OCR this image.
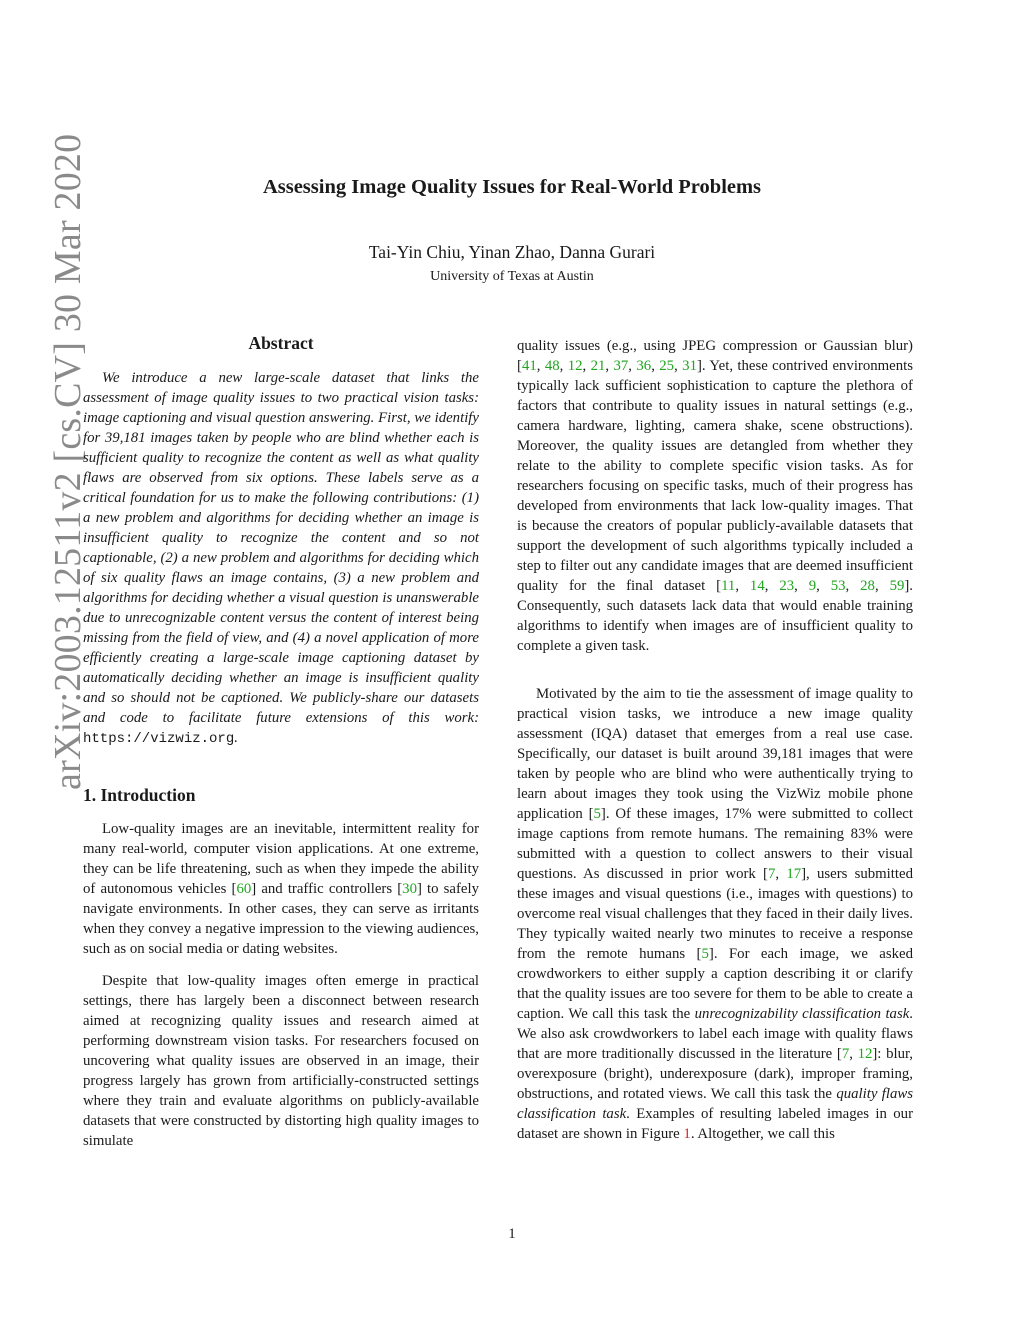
arXiv:2003.12511v2 [cs.CV] 30 Mar 2020	Assessing Image Quality Issues for Real-World Problems
Tai-Yin Chiu, Yinan Zhao, Danna Gurari
University of Texas at Austin
Abstract

We introduce a new large-scale dataset that links the assessment of image quality issues to two practical vision tasks: image captioning and visual question answering. First, we identify for 39,181 images taken by people who are blind whether each is sufficient quality to recognize the content as well as what quality flaws are observed from six options. These labels serve as a critical foundation for us to make the following contributions: (1) a new problem and algorithms for deciding whether an image is insufficient quality to recognize the content and so not captionable, (2) a new problem and algorithms for deciding which of six quality flaws an image contains, (3) a new problem and algorithms for deciding whether a visual question is unanswerable due to unrecognizable content versus the content of interest being missing from the field of view, and (4) a novel application of more efficiently creating a large-scale image captioning dataset by automatically deciding whether an image is insufficient quality and so should not be captioned. We publicly-share our datasets and code to facilitate future extensions of this work: https://vizwiz.org.

1. Introduction

Low-quality images are an inevitable, intermittent reality for many real-world, computer vision applications. At one extreme, they can be life threatening, such as when they impede the ability of autonomous vehicles [60] and traffic controllers [30] to safely navigate environments. In other cases, they can serve as irritants when they convey a negative impression to the viewing audiences, such as on social media or dating websites.

Despite that low-quality images often emerge in practical settings, there has largely been a disconnect between research aimed at recognizing quality issues and research aimed at performing downstream vision tasks. For researchers focused on uncovering what quality issues are observed in an image, their progress largely has grown from artificially-constructed settings where they train and evaluate algorithms on publicly-available datasets that were constructed by distorting high quality images to simulate

quality issues (e.g., using JPEG compression or Gaussian blur) [41, 48, 12, 21, 37, 36, 25, 31]. Yet, these contrived environments typically lack sufficient sophistication to capture the plethora of factors that contribute to quality issues in natural settings (e.g., camera hardware, lighting, camera shake, scene obstructions). Moreover, the quality issues are detangled from whether they relate to the ability to complete specific vision tasks. As for researchers focusing on specific tasks, much of their progress has developed from environments that lack low-quality images. That is because the creators of popular publicly-available datasets that support the development of such algorithms typically included a step to filter out any candidate images that are deemed insufficient quality for the final dataset [11, 14, 23, 9, 53, 28, 59]. Consequently, such datasets lack data that would enable training algorithms to identify when images are of insufficient quality to complete a given task.

Motivated by the aim to tie the assessment of image quality to practical vision tasks, we introduce a new image quality assessment (IQA) dataset that emerges from a real use case. Specifically, our dataset is built around 39,181 images that were taken by people who are blind who were authentically trying to learn about images they took using the VizWiz mobile phone application [5]. Of these images, 17% were submitted to collect image captions from remote humans. The remaining 83% were submitted with a question to collect answers to their visual questions. As discussed in prior work [7, 17], users submitted these images and visual questions (i.e., images with questions) to overcome real visual challenges that they faced in their daily lives. They typically waited nearly two minutes to receive a response from the remote humans [5]. For each image, we asked crowdworkers to either supply a caption describing it or clarify that the quality issues are too severe for them to be able to create a caption. We call this task the unrecognizability classification task. We also ask crowdworkers to label each image with quality flaws that are more traditionally discussed in the literature [7, 12]: blur, overexposure (bright), underexposure (dark), improper framing, obstructions, and rotated views. We call this task the quality flaws classification task. Examples of resulting labeled images in our dataset are shown in Figure 1. Altogether, we call this

1
